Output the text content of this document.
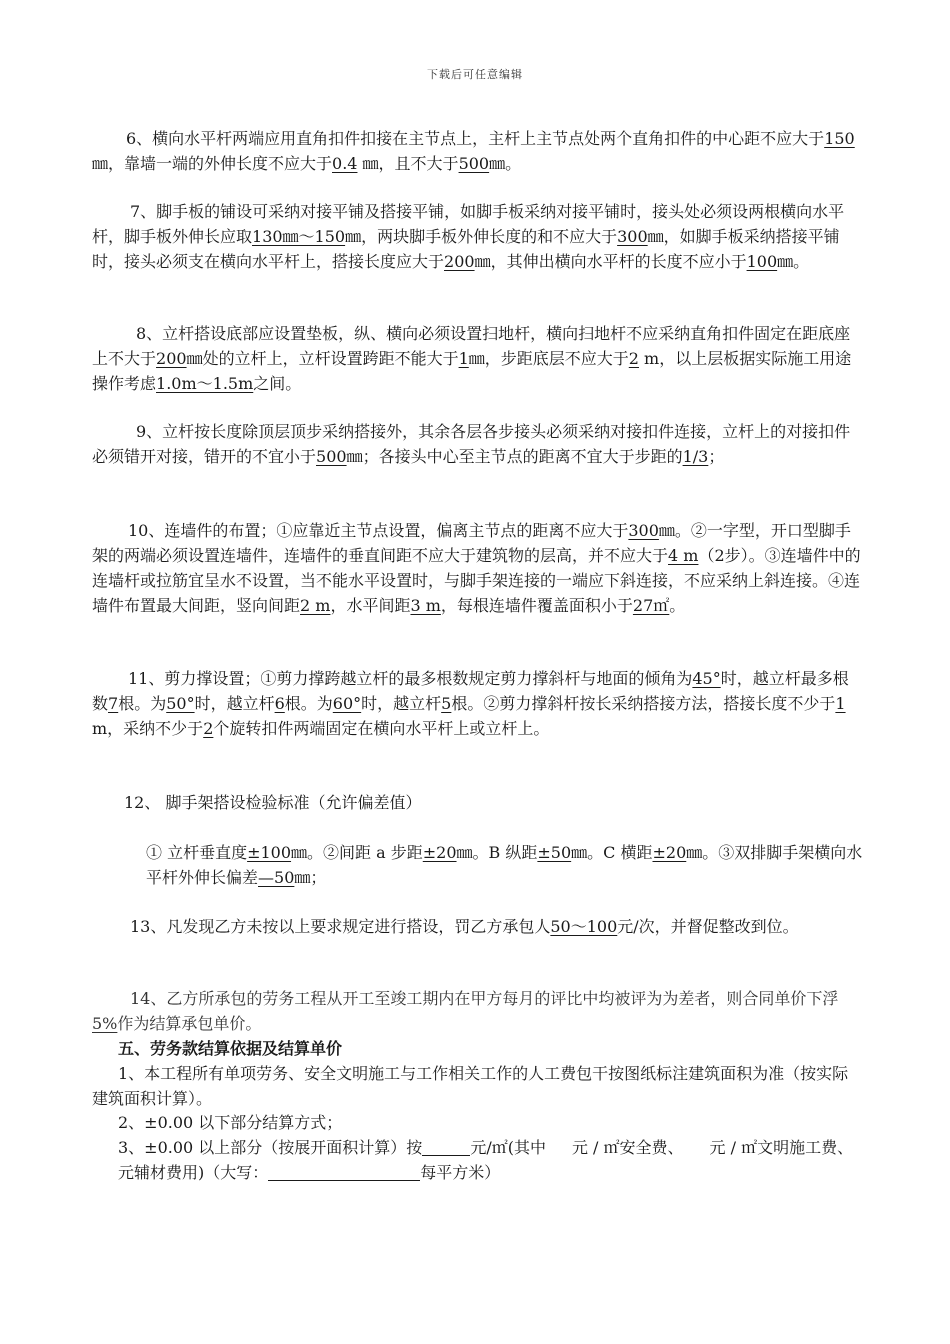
下载后可任意编辑

6、横向水平杆两端应用直角扣件扣接在主节点上，主杆上主节点处两个直角扣件的中心距不应大于150㎜，靠墙一端的外伸长度不应大于0.4 ㎜，且不大于500㎜。

7、脚手板的铺设可采纳对接平铺及搭接平铺，如脚手板采纳对接平铺时，接头处必须设两根横向水平杆，脚手板外伸长应取130㎜～150㎜，两块脚手板外伸长度的和不应大于300㎜，如脚手板采纳搭接平铺时，接头必须支在横向水平杆上，搭接长度应大于200㎜，其伸出横向水平杆的长度不应小于100㎜。

8、立杆搭设底部应设置垫板，纵、横向必须设置扫地杆，横向扫地杆不应采纳直角扣件固定在距底座上不大于200㎜处的立杆上，立杆设置跨距不能大于1㎜，步距底层不应大于2 m，以上层板据实际施工用途操作考虑1.0m～1.5m之间。

9、立杆按长度除顶层顶步采纳搭接外，其余各层各步接头必须采纳对接扣件连接，立杆上的对接扣件必须错开对接，错开的不宜小于500㎜；各接头中心至主节点的距离不宜大于步距的1/3；

10、连墙件的布置；①应靠近主节点设置，偏离主节点的距离不应大于300㎜。②一字型，开口型脚手架的两端必须设置连墙件，连墙件的垂直间距不应大于建筑物的层高，并不应大于4 m（2步）。③连墙件中的连墙杆或拉筋宜呈水不设置，当不能水平设置时，与脚手架连接的一端应下斜连接，不应采纳上斜连接。④连墙件布置最大间距，竖向间距2 m，水平间距3 m，每根连墙件覆盖面积小于27㎡。

11、剪力撑设置；①剪力撑跨越立杆的最多根数规定剪力撑斜杆与地面的倾角为45°时，越立杆最多根数7根。为50°时，越立杆6根。为60°时，越立杆5根。②剪力撑斜杆按长采纳搭接方法，搭接长度不少于1 m，采纳不少于2个旋转扣件两端固定在横向水平杆上或立杆上。

12、 脚手架搭设检验标准（允许偏差值）

① 立杆垂直度±100㎜。②间距 a 步距±20㎜。B 纵距±50㎜。C 横距±20㎜。③双排脚手架横向水平杆外伸长偏差—50㎜；

13、凡发现乙方未按以上要求规定进行搭设，罚乙方承包人50～100元/次，并督促整改到位。

14、乙方所承包的劳务工程从开工至竣工期内在甲方每月的评比中均被评为为差者，则合同单价下浮5%作为结算承包单价。

五、劳务款结算依据及结算单价

1、本工程所有单项劳务、安全文明施工与工作相关工作的人工费包干按图纸标注建筑面积为准（按实际建筑面积计算）。

2、±0.00 以下部分结算方式；

3、±0.00 以上部分（按展开面积计算）按	元/㎡(其中 元 / ㎡安全费、 元 / ㎡文明施工费、元辅材费用)（大写：	每平方米）
